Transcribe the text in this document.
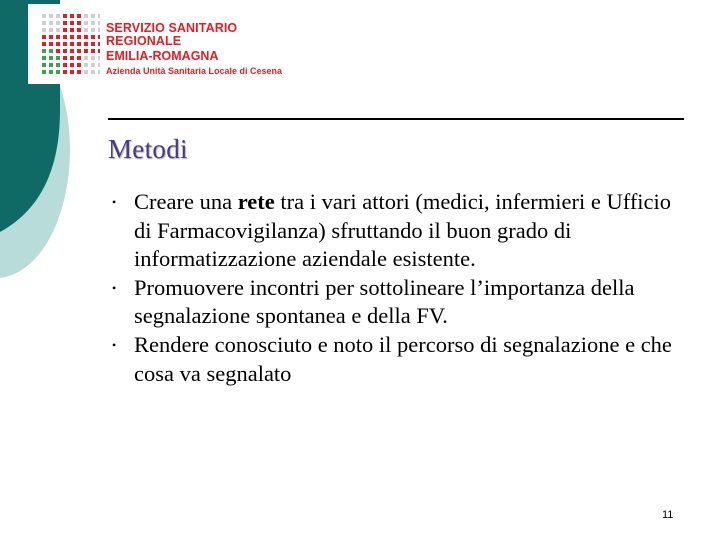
SERVIZIO SANITARIO REGIONALE
EMILIA-ROMAGNA
Azienda Unità Sanitaria Locale di Cesena
Metodi
• Creare una rete tra i vari attori (medici, infermieri e Ufficio di Farmacovigilanza) sfruttando il buon grado di informatizzazione aziendale esistente.
• Promuovere incontri per sottolineare l’importanza della segnalazione spontanea e della FV.
• Rendere conosciuto e noto il percorso di segnalazione e che cosa va segnalato
11
